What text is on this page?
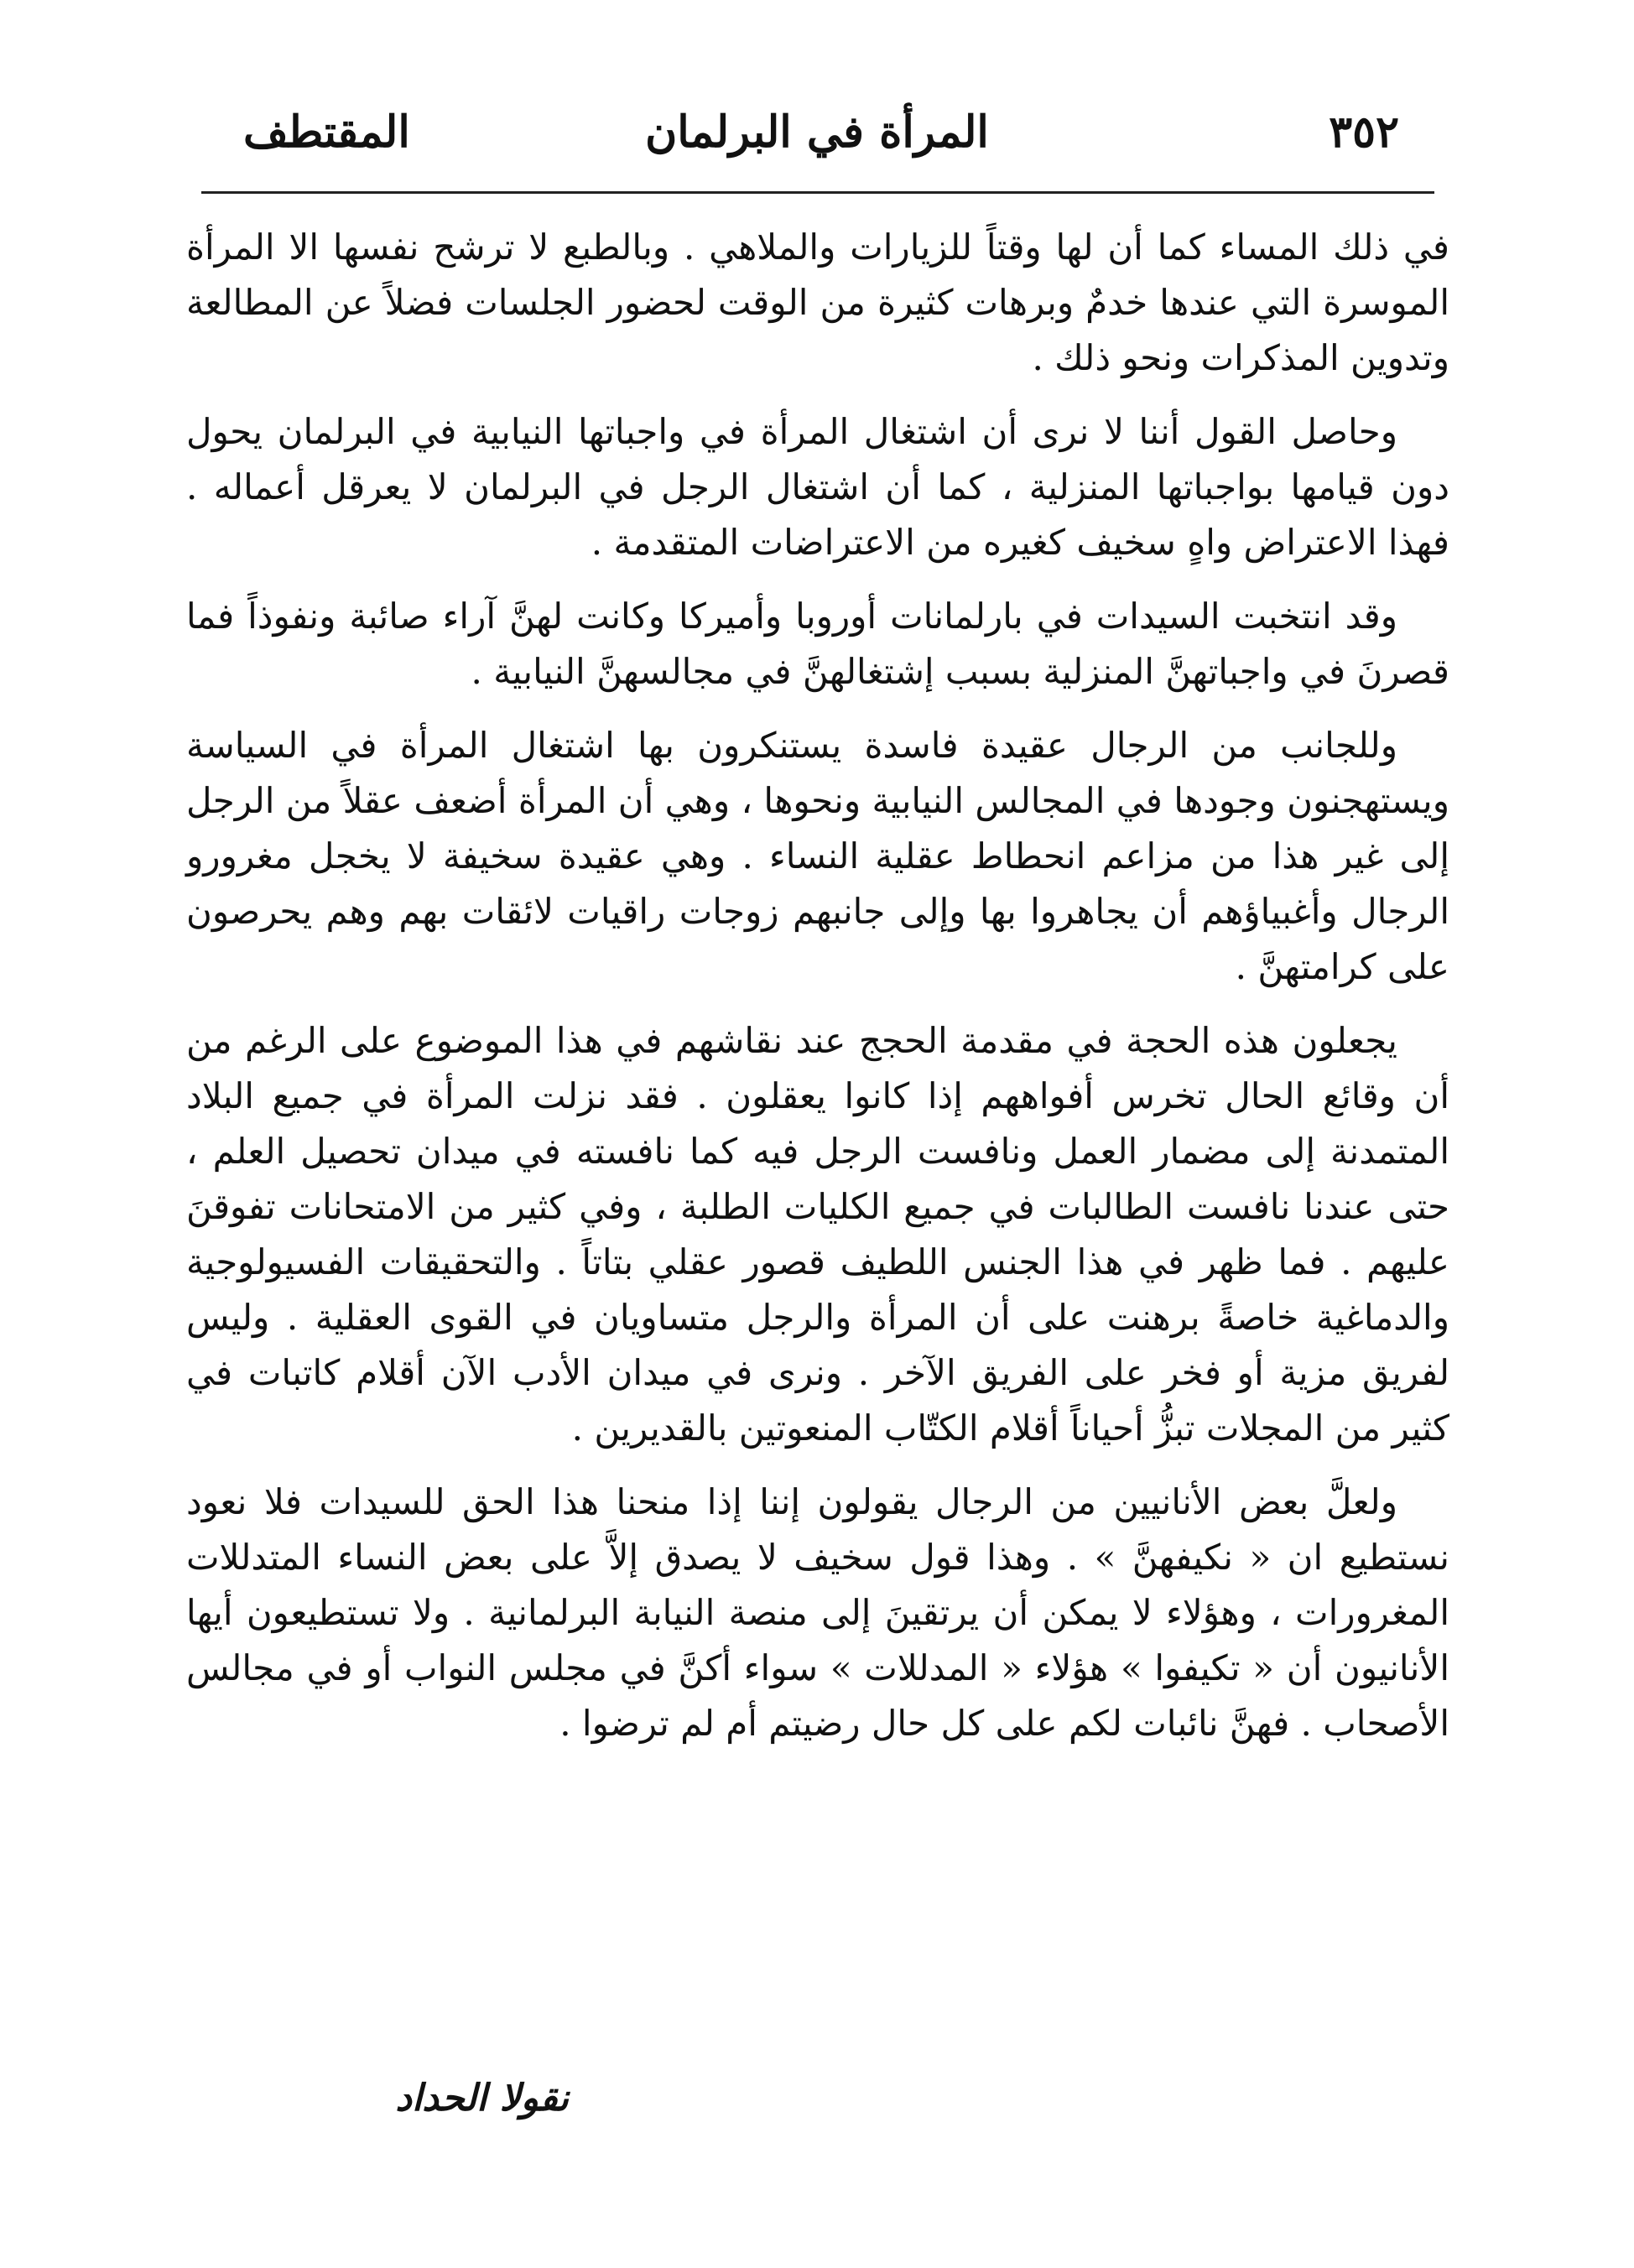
٣٥٢
المرأة في البرلمان
المقتطف

في ذلك المساء كما أن لها وقتاً للزيارات والملاهي . وبالطبع لا ترشح نفسها الا المرأة الموسرة التي عندها خدمٌ وبرهات كثيرة من الوقت لحضور الجلسات فضلاً عن المطالعة وتدوين المذكرات ونحو ذلك .

وحاصل القول أننا لا نرى أن اشتغال المرأة في واجباتها النيابية في البرلمان يحول دون قيامها بواجباتها المنزلية ، كما أن اشتغال الرجل في البرلمان لا يعرقل أعماله . فهذا الاعتراض واهٍ سخيف كغيره من الاعتراضات المتقدمة .

وقد انتخبت السيدات في بارلمانات أوروبا وأميركا وكانت لهنَّ آراء صائبة ونفوذاً فما قصرنَ في واجباتهنَّ المنزلية بسبب إشتغالهنَّ في مجالسهنَّ النيابية .

وللجانب من الرجال عقيدة فاسدة يستنكرون بها اشتغال المرأة في السياسة ويستهجنون وجودها في المجالس النيابية ونحوها ، وهي أن المرأة أضعف عقلاً من الرجل إلى غير هذا من مزاعم انحطاط عقلية النساء . وهي عقيدة سخيفة لا يخجل مغرورو الرجال وأغبياؤهم أن يجاهروا بها وإلى جانبهم زوجات راقيات لائقات بهم وهم يحرصون على كرامتهنَّ .

يجعلون هذه الحجة في مقدمة الحجج عند نقاشهم في هذا الموضوع على الرغم من أن وقائع الحال تخرس أفواههم إذا كانوا يعقلون . فقد نزلت المرأة في جميع البلاد المتمدنة إلى مضمار العمل ونافست الرجل فيه كما نافسته في ميدان تحصيل العلم ، حتى عندنا نافست الطالبات في جميع الكليات الطلبة ، وفي كثير من الامتحانات تفوقنَ عليهم . فما ظهر في هذا الجنس اللطيف قصور عقلي بتاتاً . والتحقيقات الفسيولوجية والدماغية خاصةً برهنت على أن المرأة والرجل متساويان في القوى العقلية . وليس لفريق مزية أو فخر على الفريق الآخر . ونرى في ميدان الأدب الآن أقلام كاتبات في كثير من المجلات تبزُّ أحياناً أقلام الكتّاب المنعوتين بالقديرين .

ولعلَّ بعض الأنانيين من الرجال يقولون إننا إذا منحنا هذا الحق للسيدات فلا نعود نستطيع ان « نكيفهنَّ » . وهذا قول سخيف لا يصدق إلاَّ على بعض النساء المتدللات المغرورات ، وهؤلاء لا يمكن أن يرتقينَ إلى منصة النيابة البرلمانية . ولا تستطيعون أيها الأنانيون أن « تكيفوا » هؤلاء « المدللات » سواء أكنَّ في مجلس النواب أو في مجالس الأصحاب . فهنَّ نائبات لكم على كل حال رضيتم أم لم ترضوا .

نقولا الحداد
